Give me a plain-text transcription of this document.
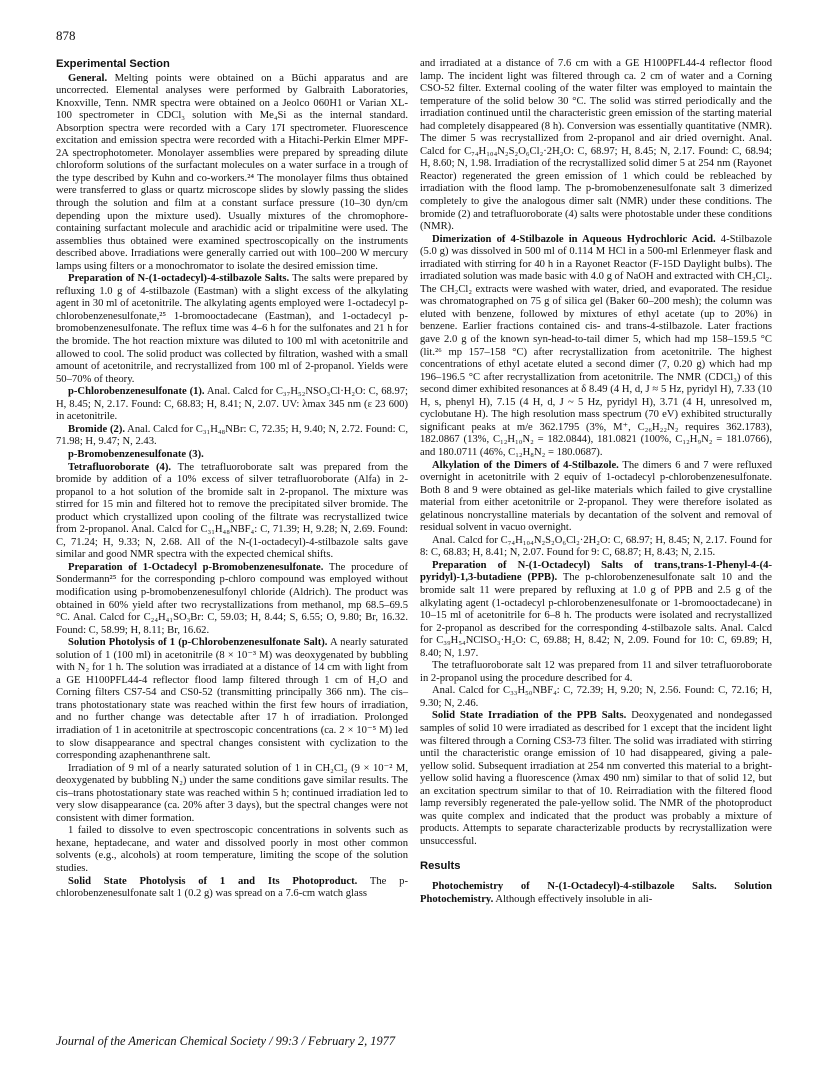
878
Experimental Section

General. Melting points were obtained on a Büchi apparatus and are uncorrected. Elemental analyses were performed by Galbraith Laboratories, Knoxville, Tenn. NMR spectra were obtained on a Jeolco 060H1 or Varian XL-100 spectrometer in CDCl₃ solution with Me₄Si as the internal standard. Absorption spectra were recorded with a Cary 17I spectrometer. Fluorescence excitation and emission spectra were recorded with a Hitachi-Perkin Elmer MPF-2A spectrophotometer. Monolayer assemblies were prepared by spreading dilute chloroform solutions of the surfactant molecules on a water surface in a trough of the type described by Kuhn and co-workers.²⁴ The monolayer films thus obtained were transferred to glass or quartz microscope slides by slowly passing the slides through the solution and film at a constant surface pressure (10–30 dyn/cm depending upon the mixture used). Usually mixtures of the chromophore-containing surfactant molecule and arachidic acid or tripalmitine were used. The assemblies thus obtained were examined spectroscopically on the instruments described above. Irradiations were generally carried out with 100–200 W mercury lamps using filters or a monochromator to isolate the desired emission time.

Preparation of N-(1-octadecyl)-4-stilbazole Salts. The salts were prepared by refluxing 1.0 g of 4-stilbazole (Eastman) with a slight excess of the alkylating agent in 30 ml of acetonitrile. The alkylating agents employed were 1-octadecyl p-chlorobenzenesulfonate,²⁵ 1-bromooctadecane (Eastman), and 1-octadecyl p-bromobenzenesulfonate. The reflux time was 4–6 h for the sulfonates and 21 h for the bromide. The hot reaction mixture was diluted to 100 ml with acetonitrile and allowed to cool. The solid product was collected by filtration, washed with a small amount of acetonitrile, and recrystallized from 100 ml of 2-propanol. Yields were 50–70% of theory.

p-Chlorobenzenesulfonate (1). Anal. Calcd for C₃₇H₅₂NSO₃Cl·H₂O: C, 68.97; H, 8.45; N, 2.17. Found: C, 68.83; H, 8.41; N, 2.07. UV: λmax 345 nm (ε 23 600) in acetonitrile.

Bromide (2). Anal. Calcd for C₃₁H₄₈NBr: C, 72.35; H, 9.40; N, 2.72. Found: C, 71.98; H, 9.47; N, 2.43.

p-Bromobenzenesulfonate (3).

Tetrafluoroborate (4). The tetrafluoroborate salt was prepared from the bromide by addition of a 10% excess of silver tetrafluoroborate (Alfa) in 2-propanol to a hot solution of the bromide salt in 2-propanol. The mixture was stirred for 15 min and filtered hot to remove the precipitated silver bromide. The product which crystallized upon cooling of the filtrate was recrystallized twice from 2-propanol. Anal. Calcd for C₃₁H₄₈NBF₄: C, 71.39; H, 9.28; N, 2.69. Found: C, 71.24; H, 9.33; N, 2.68. All of the N-(1-octadecyl)-4-stilbazole salts gave similar and good NMR spectra with the expected chemical shifts.

Preparation of 1-Octadecyl p-Bromobenzenesulfonate. The procedure of Sondermann²⁵ for the corresponding p-chloro compound was employed without modification using p-bromobenzenesulfonyl chloride (Aldrich). The product was obtained in 60% yield after two recrystallizations from methanol, mp 68.5–69.5 °C. Anal. Calcd for C₂₄H₄₁SO₃Br: C, 59.03; H, 8.44; S, 6.55; O, 9.80; Br, 16.32. Found: C, 58.99; H, 8.11; Br, 16.62.

Solution Photolysis of 1 (p-Chlorobenzenesulfonate Salt). A nearly saturated solution of 1 (100 ml) in acetonitrile (8 × 10⁻³ M) was deoxygenated by bubbling with N₂ for 1 h. The solution was irradiated at a distance of 14 cm with light from a GE H100PFL44-4 reflector flood lamp filtered through 1 cm of H₂O and Corning filters CS7-54 and CS0-52 (transmitting principally 366 nm). The cis–trans photostationary state was reached within the first few hours of irradiation, and no further change was detectable after 17 h of irradiation. Prolonged irradiation of 1 in acetonitrile at spectroscopic concentrations (ca. 2 × 10⁻⁵ M) led to slow disappearance and spectral changes consistent with cyclization to the corresponding azaphenanthrene salt.

Irradiation of 9 ml of a nearly saturated solution of 1 in CH₂Cl₂ (9 × 10⁻² M, deoxygenated by bubbling N₂) under the same conditions gave similar results. The cis–trans photostationary state was reached within 5 h; continued irradiation led to very slow disappearance (ca. 20% after 3 days), but the spectral changes were not consistent with dimer formation.

1 failed to dissolve to even spectroscopic concentrations in solvents such as hexane, heptadecane, and water and dissolved poorly in most other common solvents (e.g., alcohols) at room temperature, limiting the scope of the solution studies.

Solid State Photolysis of 1 and Its Photoproduct. The p-chlorobenzenesulfonate salt 1 (0.2 g) was spread on a 7.6-cm watch glass

and irradiated at a distance of 7.6 cm with a GE H100PFL44-4 reflector flood lamp. The incident light was filtered through ca. 2 cm of water and a Corning CSO-52 filter. External cooling of the water filter was employed to maintain the temperature of the solid below 30 °C. The solid was stirred periodically and the irradiation continued until the characteristic green emission of the starting material had completely disappeared (8 h). Conversion was essentially quantitative (NMR). The dimer 5 was recrystallized from 2-propanol and air dried overnight. Anal. Calcd for C₇₄H₁₀₄N₂S₂O₆Cl₂·2H₂O: C, 68.97; H, 8.45; N, 2.17. Found: C, 68.94; H, 8.60; N, 1.98. Irradiation of the recrystallized solid dimer 5 at 254 nm (Rayonet Reactor) regenerated the green emission of 1 which could be rebleached by irradiation with the flood lamp. The p-bromobenzenesulfonate salt 3 dimerized completely to give the analogous dimer salt (NMR) under these conditions. The bromide (2) and tetrafluoroborate (4) salts were photostable under these conditions (NMR).

Dimerization of 4-Stilbazole in Aqueous Hydrochloric Acid. 4-Stilbazole (5.0 g) was dissolved in 500 ml of 0.114 M HCl in a 500-ml Erlenmeyer flask and irradiated with stirring for 40 h in a Rayonet Reactor (F-15D Daylight bulbs). The irradiated solution was made basic with 4.0 g of NaOH and extracted with CH₂Cl₂. The CH₂Cl₂ extracts were washed with water, dried, and evaporated. The residue was chromatographed on 75 g of silica gel (Baker 60–200 mesh); the column was eluted with benzene, followed by mixtures of ethyl acetate (up to 20%) in benzene. Earlier fractions contained cis- and trans-4-stilbazole. Later fractions gave 2.0 g of the known syn-head-to-tail dimer 5, which had mp 158–159.5 °C (lit.²⁶ mp 157–158 °C) after recrystallization from acetonitrile. The highest concentrations of ethyl acetate eluted a second dimer (7, 0.20 g) which had mp 196–196.5 °C after recrystallization from acetonitrile. The NMR (CDCl₃) of this second dimer exhibited resonances at δ 8.49 (4 H, d, J ≈ 5 Hz, pyridyl H), 7.33 (10 H, s, phenyl H), 7.15 (4 H, d, J ~ 5 Hz, pyridyl H), 3.71 (4 H, unresolved m, cyclobutane H). The high resolution mass spectrum (70 eV) exhibited structurally significant peaks at m/e 362.1795 (3%, M⁺, C₂₆H₂₂N₂ requires 362.1783), 182.0867 (13%, C₁₂H₁₀N₂ = 182.0844), 181.0821 (100%, C₁₂H₉N₂ = 181.0766), and 180.0711 (46%, C₁₂H₈N₂ = 180.0687).

Alkylation of the Dimers of 4-Stilbazole. The dimers 6 and 7 were refluxed overnight in acetonitrile with 2 equiv of 1-octadecyl p-chlorobenzenesulfonate. Both 8 and 9 were obtained as gel-like materials which failed to give crystalline material from either acetonitrile or 2-propanol. They were therefore isolated as gelatinous noncrystalline materials by decantation of the solvent and removal of residual solvent in vacuo overnight.

Anal. Calcd for C₇₄H₁₀₄N₂S₂O₆Cl₂·2H₂O: C, 68.97; H, 8.45; N, 2.17. Found for 8: C, 68.83; H, 8.41; N, 2.07. Found for 9: C, 68.87; H, 8.43; N, 2.15.

Preparation of N-(1-Octadecyl) Salts of trans,trans-1-Phenyl-4-(4-pyridyl)-1,3-butadiene (PPB). The p-chlorobenzenesulfonate salt 10 and the bromide salt 11 were prepared by refluxing at 1.0 g of PPB and 2.5 g of the alkylating agent (1-octadecyl p-chlorobenzenesulfonate or 1-bromooctadecane) in 10–15 ml of acetonitrile for 6–8 h. The products were isolated and recrystallized for 2-propanol as described for the corresponding 4-stilbazole salts. Anal. Calcd for C₃₉H₅₄NClSO₃·H₂O: C, 69.88; H, 8.42; N, 2.09. Found for 10: C, 69.89; H, 8.40; N, 1.97.

The tetrafluoroborate salt 12 was prepared from 11 and silver tetrafluoroborate in 2-propanol using the procedure described for 4.

Anal. Calcd for C₃₃H₅₀NBF₄: C, 72.39; H, 9.20; N, 2.56. Found: C, 72.16; H, 9.30; N, 2.46.

Solid State Irradiation of the PPB Salts. Deoxygenated and nondegassed samples of solid 10 were irradiated as described for 1 except that the incident light was filtered through a Corning CS3-73 filter. The solid was irradiated with stirring until the characteristic orange emission of 10 had disappeared, giving a pale-yellow solid. Subsequent irradiation at 254 nm converted this material to a bright-yellow solid having a fluorescence (λmax 490 nm) similar to that of solid 12, but an excitation spectrum similar to that of 10. Reirradiation with the filtered flood lamp reversibly regenerated the pale-yellow solid. The NMR of the photoproduct was quite complex and indicated that the product was probably a mixture of products. Attempts to separate characterizable products by recrystallization were unsuccessful.

Results

Photochemistry of N-(1-Octadecyl)-4-stilbazole Salts. Solution Photochemistry. Although effectively insoluble in ali-

Journal of the American Chemical Society / 99:3 / February 2, 1977
